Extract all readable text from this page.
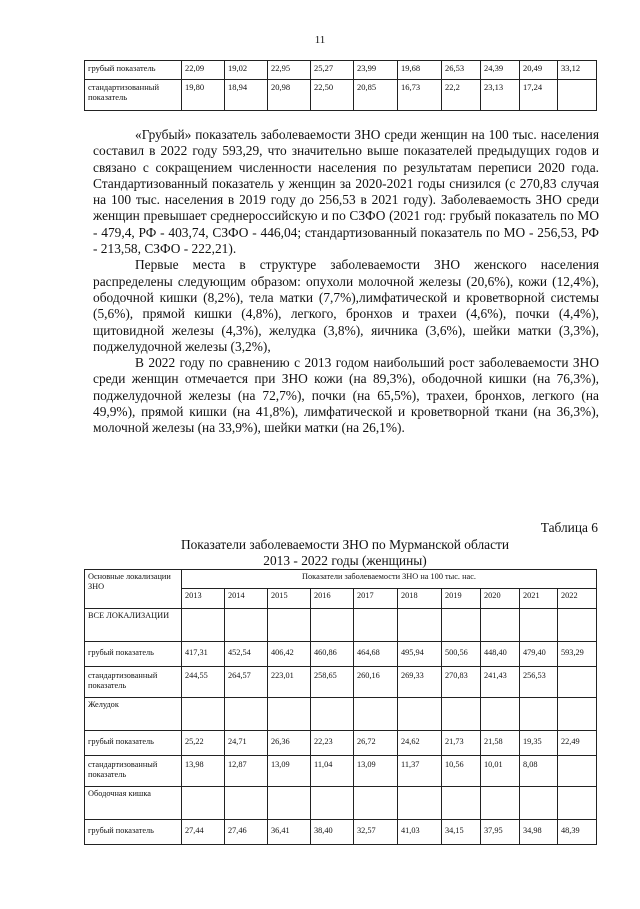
11
грубый показатель	22,09	19,02	22,95	25,27	23,99	19,68	26,53	24,39	20,49	33,12
стандартизованный показатель	19,80	18,94	20,98	22,50	20,85	16,73	22,2	23,13	17,24	

«Грубый» показатель заболеваемости ЗНО среди женщин на 100 тыс. населения составил в 2022 году 593,29, что значительно выше показателей предыдущих годов и связано с сокращением численности населения по результатам переписи 2020 года. Стандартизованный показатель у женщин за 2020-2021 годы снизился (с 270,83 случая на 100 тыс. населения в 2019 году до 256,53 в 2021 году). Заболеваемость ЗНО среди женщин превышает среднероссийскую и по СЗФО (2021 год: грубый показатель по МО - 479,4, РФ - 403,74, СЗФО - 446,04; стандартизованный показатель по МО - 256,53, РФ - 213,58, СЗФО - 222,21).

Первые места в структуре заболеваемости ЗНО женского населения распределены следующим образом: опухоли молочной железы (20,6%), кожи (12,4%), ободочной кишки (8,2%), тела матки (7,7%),лимфатической и кроветворной системы (5,6%), прямой кишки (4,8%), легкого, бронхов и трахеи (4,6%), почки (4,4%), щитовидной железы (4,3%), желудка (3,8%), яичника (3,6%), шейки матки (3,3%), поджелудочной железы (3,2%),

В 2022 году по сравнению с 2013 годом наибольший рост заболеваемости ЗНО среди женщин отмечается при ЗНО кожи (на 89,3%), ободочной кишки (на 76,3%), поджелудочной железы (на 72,7%), почки (на 65,5%), трахеи, бронхов, легкого (на 49,9%), прямой кишки (на 41,8%), лимфатической и кроветворной ткани (на 36,3%), молочной железы (на 33,9%), шейки матки (на 26,1%).

Таблица 6
Показатели заболеваемости ЗНО по Мурманской области
2013 - 2022 годы (женщины)
Основные локализации ЗНО	Показатели заболеваемости ЗНО на 100 тыс. нас.									
	2013	2014	2015	2016	2017	2018	2019	2020	2021	2022
ВСЕ ЛОКАЛИЗАЦИИ										
грубый показатель	417,31	452,54	406,42	460,86	464,68	495,94	500,56	448,40	479,40	593,29
стандартизованный показатель	244,55	264,57	223,01	258,65	260,16	269,33	270,83	241,43	256,53	
Желудок										
грубый показатель	25,22	24,71	26,36	22,23	26,72	24,62	21,73	21,58	19,35	22,49
стандартизованный показатель	13,98	12,87	13,09	11,04	13,09	11,37	10,56	10,01	8,08	
Ободочная кишка										
грубый показатель	27,44	27,46	36,41	38,40	32,57	41,03	34,15	37,95	34,98	48,39
